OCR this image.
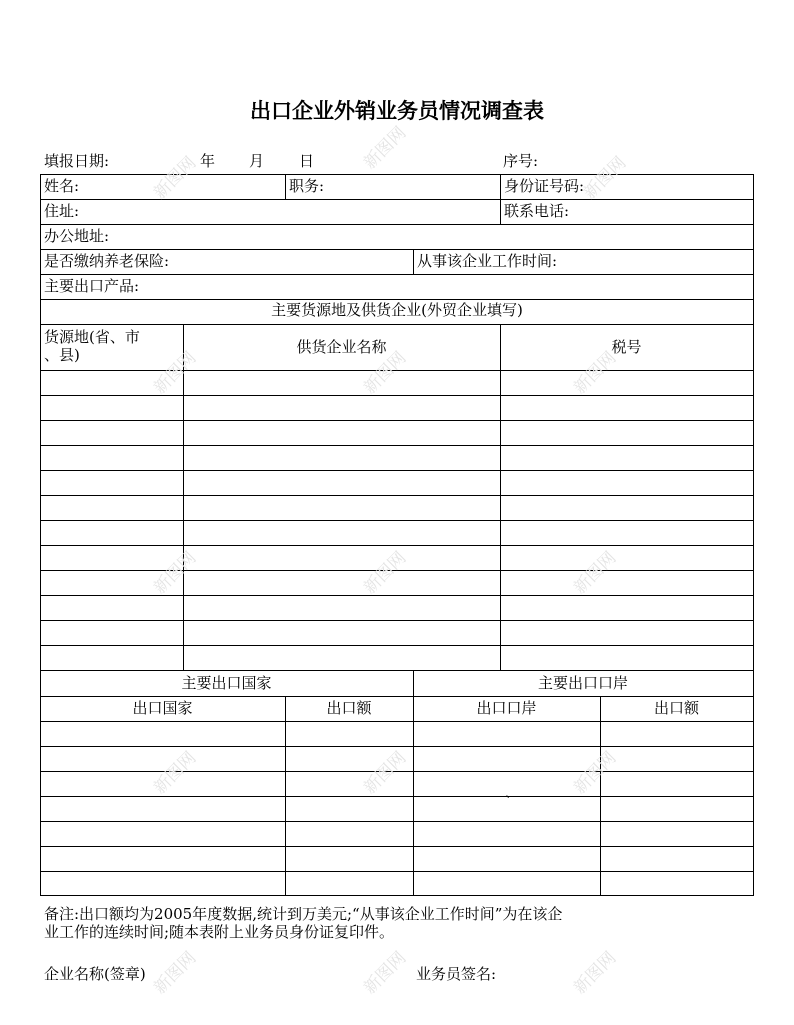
出口企业外销业务员情况调查表
填报日期:	年 月 日	序号:
姓名:	职务:	身份证号码:
住址:	联系电话:
办公地址:
是否缴纳养老保险:	从事该企业工作时间:
主要出口产品:
主要货源地及供货企业(外贸企业填写)
货源地(省、市
、县)	供货企业名称	税号
主要出口国家	主要出口口岸
出口国家	出口额	出口口岸	出口额
`
备注:出口额均为2005年度数据,统计到万美元;“从事该企业工作时间”为在该企
业工作的连续时间;随本表附上业务员身份证复印件。
企业名称(签章)	业务员签名:
新图网
新图网
新图网
新图网	新图网	新图网
新图网	新图网	新图网
新图网	新图网	新图网
新图网	新图网	新图网
